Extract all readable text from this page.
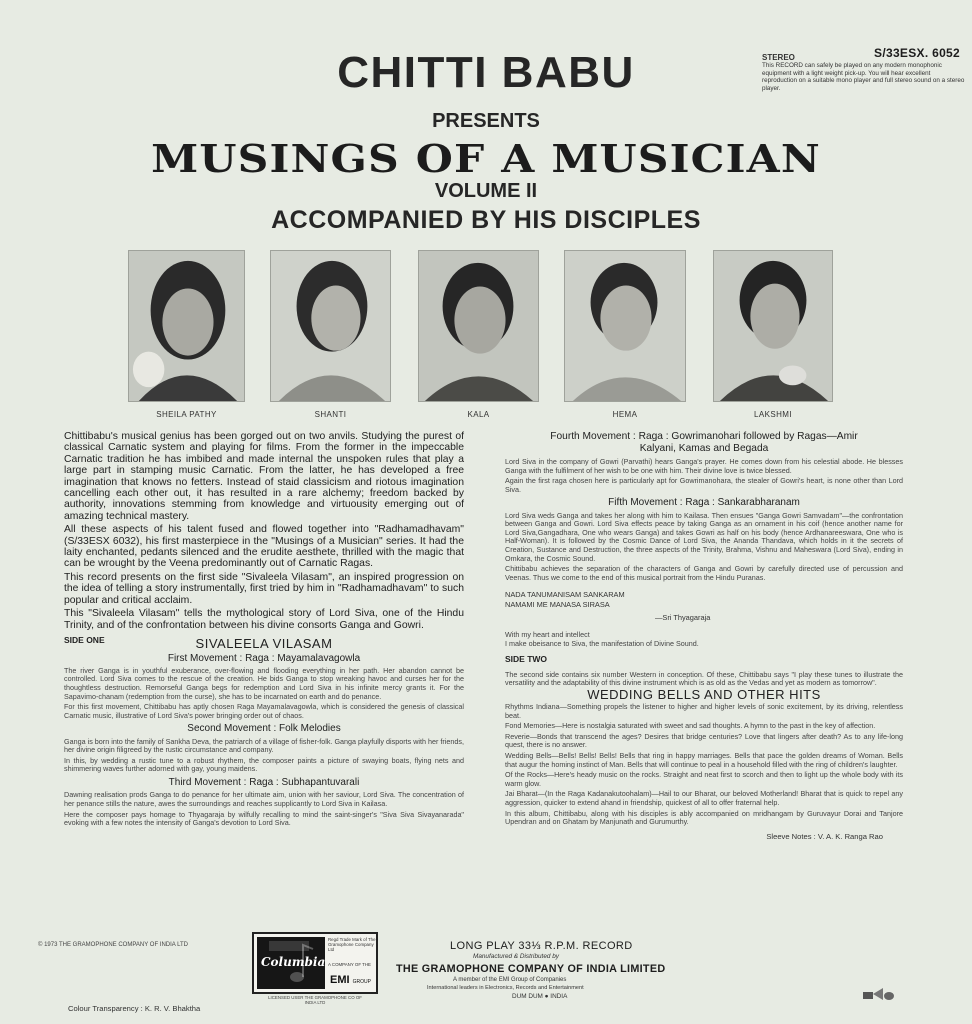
S/33ESX. 6052
STEREO
This RECORD can safely be played on any modern monophonic equipment with a light weight pick-up. You will hear excellent reproduction on a suitable mono player and full stereo sound on a stereo player.
CHITTI BABU
PRESENTS
MUSINGS OF A MUSICIAN
VOLUME II
ACCOMPANIED BY HIS DISCIPLES
SHEILA PATHY	SHANTI	KALA	HEMA	LAKSHMI

Chittibabu's musical genius has been gorged out on two anvils. Studying the purest of classical Carnatic system and playing for films. From the former in the impeccable Carnatic tradition he has imbibed and made internal the unspoken rules that play a large part in stamping music Carnatic. From the latter, he has developed a free imagination that knows no fetters. Instead of staid classicism and riotous imagination cancelling each other out, it has resulted in a rare alchemy; freedom backed by authority, innovations stemming from knowledge and virtuousity emerging out of amazing technical mastery.

All these aspects of his talent fused and flowed together into "Radhamadhavam" (S/33ESX 6032), his first masterpiece in the "Musings of a Musician" series. It had the laity enchanted, pedants silenced and the erudite aesthete, thrilled with the magic that can be wrought by the Veena predominantly out of Carnatic Ragas.

This record presents on the first side "Sivaleela Vilasam", an inspired progression on the idea of telling a story instrumentally, first tried by him in "Radhamadhavam" to such popular and critical acclaim.

This "Sivaleela Vilasam" tells the mythological story of Lord Siva, one of the Hindu Trinity, and of the confrontation between his divine consorts Ganga and Gowri.

SIDE ONE	SIVALEELA VILASAM
First Movement : Raga : Mayamalavagowla

The river Ganga is in youthful exuberance, over-flowing and flooding everything in her path. Her abandon cannot be controlled. Lord Siva comes to the rescue of the creation. He bids Ganga to stop wreaking havoc and curses her for the thoughtless destruction. Remorseful Ganga begs for redemption and Lord Siva in his infinite mercy grants it. For the Sapavimo-chanam (redemption from the curse), she has to be incarnated on earth and do penance.

For this first movement, Chittibabu has aptly chosen Raga Mayamalavagowla, which is considered the genesis of classical Carnatic music, illustrative of Lord Siva's power bringing order out of chaos.

Second Movement : Folk Melodies

Ganga is born into the family of Sankha Deva, the patriarch of a village of fisher-folk. Ganga playfully disports with her friends, her divine origin filigreed by the rustic circumstance and company.

In this, by wedding a rustic tune to a robust rhythem, the composer paints a picture of swaying boats, flying nets and shimmering waves further adorned with gay, young maidens.

Third Movement : Raga : Subhapantuvarali

Dawning realisation prods Ganga to do penance for her ultimate aim, union with her saviour, Lord Siva. The concentration of her penance stills the nature, awes the surroundings and reaches supplicantly to Lord Siva in Kailasa.

Here the composer pays homage to Thyagaraja by wilfully recalling to mind the saint-singer's "Siva Siva Sivayanarada" evoking with a few notes the intensity of Ganga's devotion to Lord Siva.

Fourth Movement : Raga : Gowrimanohari followed by Ragas—Amir Kalyani, Kamas and Begada

Lord Siva in the company of Gowri (Parvathi) hears Ganga's prayer. He comes down from his celestial abode. He blesses Ganga with the fulfilment of her wish to be one with him. Their divine love is twice blessed.

Again the first raga chosen here is particularly apt for Gowrimanohara, the stealer of Gowri's heart, is none other than Lord Siva.

Fifth Movement : Raga : Sankarabharanam

Lord Siva weds Ganga and takes her along with him to Kailasa. Then ensues "Ganga Gowri Samvadam"—the confrontation between Ganga and Gowri. Lord Siva effects peace by taking Ganga as an ornament in his coif (hence another name for Lord Siva,Gangadhara, One who wears Ganga) and takes Gowri as half on his body (hence Ardhanareeswara, One who is Half-Woman). It is followed by the Cosmic Dance of Lord Siva, the Ananda Thandava, which holds in it the secrets of Creation, Sustance and Destruction, the three aspects of the Trinity, Brahma, Vishnu and Maheswara (Lord Siva), ending in Omkara, the Cosmic Sound.

Chittibabu achieves the separation of the characters of Ganga and Gowri by carefully directed use of percussion and Veenas. Thus we come to the end of this musical portrait from the Hindu Puranas.

NADA TANUMANISAM SANKARAM
NAMAMI ME MANASA SIRASA
—Sri Thyagaraja
With my heart and intellect
I make obeisance to Siva, the manifestation of Divine Sound.
SIDE TWO

The second side contains six number Western in conception. Of these, Chittibabu says "I play these tunes to illustrate the versatility and the adaptability of this divine instrument which is as old as the Vedas and yet as modern as tomorrow".

WEDDING BELLS AND OTHER HITS

Rhythms Indiana—Something propels the listener to higher and higher levels of sonic excitement, by its driving, relentless beat.

Fond Memories—Here is nostalgia saturated with sweet and sad thoughts. A hymn to the past in the key of affection.

Reverie—Bonds that transcend the ages? Desires that bridge centuries? Love that lingers after death? As to any life-long quest, there is no answer.

Wedding Bells—Bells! Bells! Bells! Bells that ring in happy marriages. Bells that pace the golden dreams of Woman. Bells that augur the homing instinct of Man. Bells that will continue to peal in a household filled with the ring of children's laughter.

Of the Rocks—Here's heady music on the rocks. Straight and neat first to scorch and then to light up the whole body with its warm glow.

Jai Bharat—(In the Raga Kadanakutoohalam)—Hail to our Bharat, our beloved Motherland! Bharat that is quick to repel any aggression, quicker to extend ahand in friendship, quickest of all to offer fraternal help.

In this album, Chittibabu, along with his disciples is ably accompanied on mridhangam by Guruvayur Dorai and Tanjore Upendran and on Ghatam by Manjunath and Gurumurthy.

Sleeve Notes : V. A. K. Ranga Rao
© 1973 THE GRAMOPHONE COMPANY OF INDIA LTD
Columbia
Regd Trade Mark of The Gramophone Company Ltd
A COMPANY OF THE
EMI GROUP
LICENSED USER THE GRAMOPHONE CO OF INDIA LTD
LONG PLAY 33⅓ R.P.M. RECORD
Manufactured & Distributed by
THE GRAMOPHONE COMPANY OF INDIA LIMITED
A member of the EMI Group of Companies
International leaders in Electronics, Records and Entertainment
DUM DUM ● INDIA
Colour Transparency : K. R. V. Bhaktha
